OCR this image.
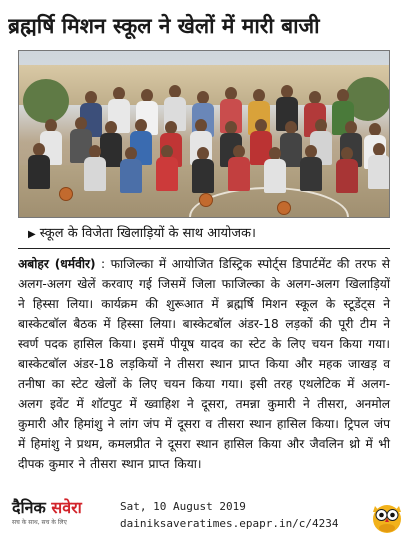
ब्रह्मर्षि मिशन स्कूल ने खेलों में मारी बाजी
▶ स्कूल के विजेता खिलाड़ियों के साथ आयोजक।
अबोहर (धर्मवीर) : फाजिल्का में आयोजित डिस्ट्रिक स्पोर्ट्स डिपार्टमेंट की तरफ से अलग-अलग खेलें करवाए गई जिसमें जिला फाजिल्का के अलग-अलग खिलाड़ियों ने हिस्सा लिया। कार्यक्रम की शुरूआत में ब्रह्मर्षि मिशन स्कूल के स्टूडेंट्स ने बास्केटबॉल बैठक में हिस्सा लिया। बास्केटबॉल अंडर-18 लड़कों की पूरी टीम ने स्वर्ण पदक हासिल किया। इसमें पीयूष यादव का स्टेट के लिए चयन किया गया। बास्केटबॉल अंडर-18 लड़कियों ने तीसरा स्थान प्राप्त किया और महक जाखड़ व तनीषा का स्टेट खेलों के लिए चयन किया गया। इसी तरह एथलेटिक में अलग-अलग इवेंट में शॉटपुट में ख्वाहिश ने दूसरा, तमन्ना कुमारी ने तीसरा, अनमोल कुमारी और हिमांशु ने लांग जंप में दूसरा व तीसरा स्थान हासिल किया। ट्रिपल जंप में हिमांशु ने प्रथम, कमलप्रीत ने दूसरा स्थान हासिल किया और जैवलिन थ्रो में भी दीपक कुमार ने तीसरा स्थान प्राप्त किया।
दैनिक सवेरा
सच के साथ, सच के लिए
Sat, 10 August 2019
dainiksaveratimes.epapr.in/c/4234
